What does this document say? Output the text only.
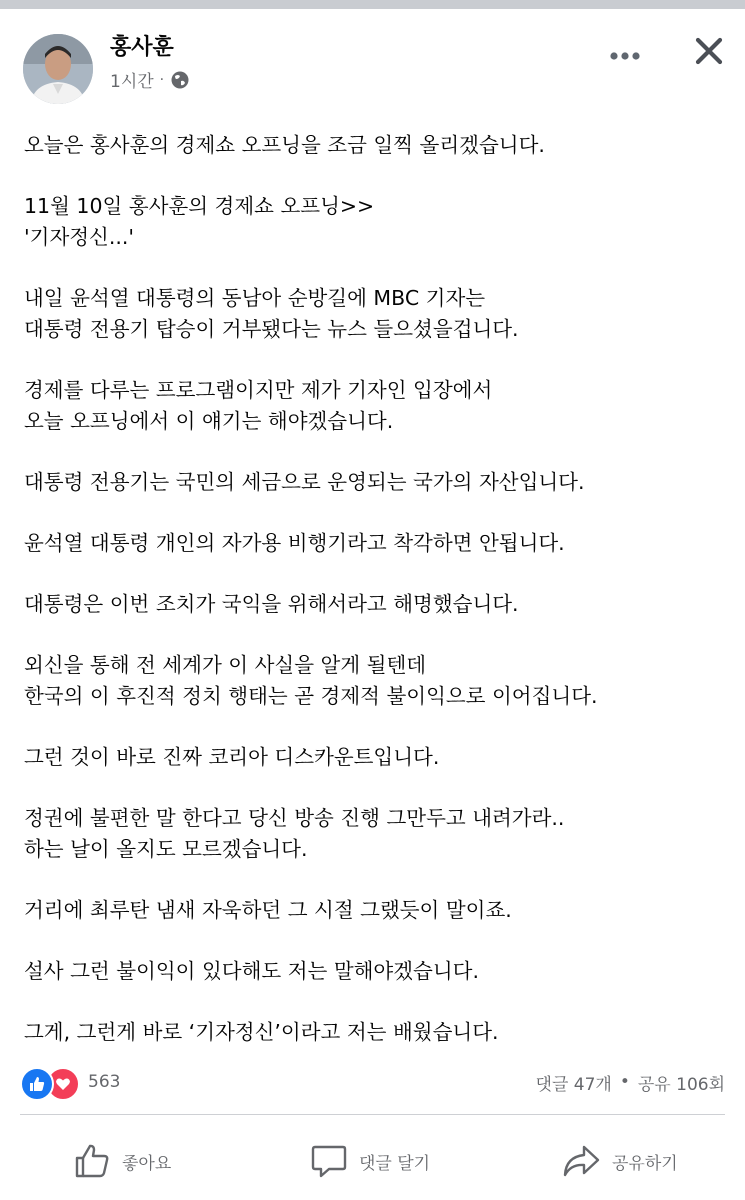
홍사훈
1시간 ·

오늘은 홍사훈의 경제쇼 오프닝을 조금 일찍 올리겠습니다.

11월 10일 홍사훈의 경제쇼 오프닝>>
'기자정신...'

내일 윤석열 대통령의 동남아 순방길에 MBC 기자는
대통령 전용기 탑승이 거부됐다는 뉴스 들으셨을겁니다.

경제를 다루는 프로그램이지만 제가 기자인 입장에서
오늘 오프닝에서 이 얘기는 해야겠습니다.

대통령 전용기는 국민의 세금으로 운영되는 국가의 자산입니다.

윤석열 대통령 개인의 자가용 비행기라고 착각하면 안됩니다.

대통령은 이번 조치가 국익을 위해서라고 해명했습니다.

외신을 통해 전 세계가 이 사실을 알게 될텐데
한국의 이 후진적 정치 행태는 곧 경제적 불이익으로 이어집니다.

그런 것이 바로 진짜 코리아 디스카운트입니다.

정권에 불편한 말 한다고 당신 방송 진행 그만두고 내려가라..
하는 날이 올지도 모르겠습니다.

거리에 최루탄 냄새 자욱하던 그 시절 그랬듯이 말이죠.

설사 그런 불이익이 있다해도 저는 말해야겠습니다.

그게, 그런게 바로 ‘기자정신’이라고 저는 배웠습니다.

563	댓글 47개 • 공유 106회
좋아요	댓글 달기	공유하기
